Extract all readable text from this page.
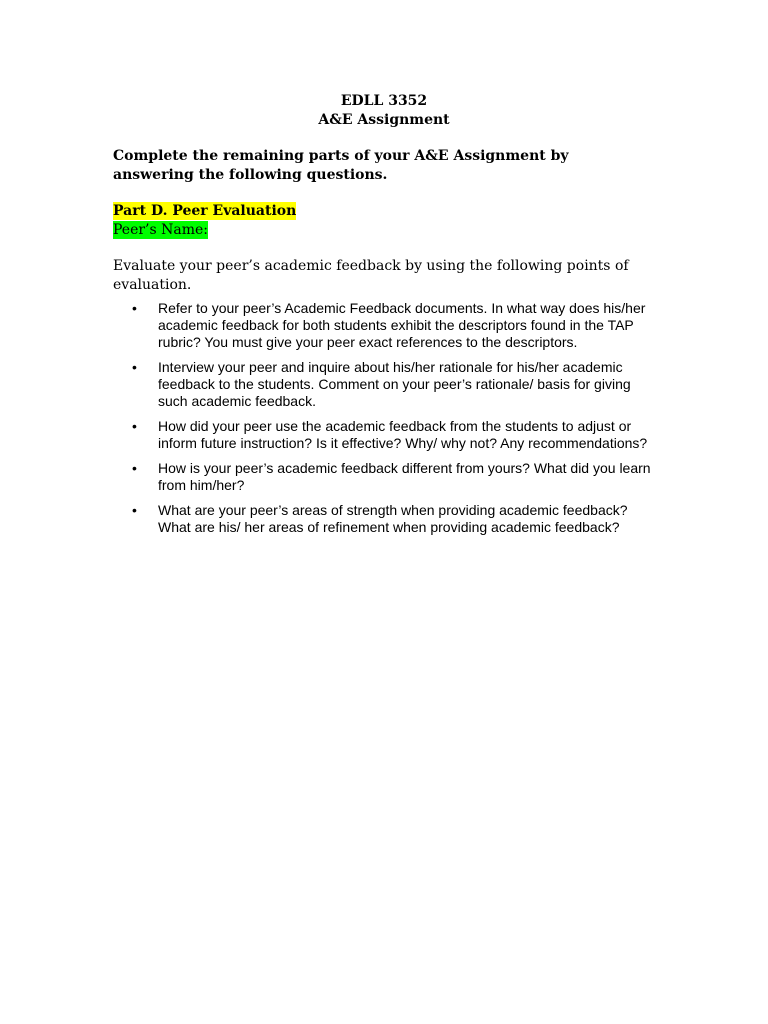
EDLL 3352
A&E Assignment
Complete the remaining parts of your A&E Assignment by answering the following questions.
Part D. Peer Evaluation
Peer’s Name:
Evaluate your peer’s academic feedback by using the following points of evaluation.
• Refer to your peer’s Academic Feedback documents. In what way does his/her academic feedback for both students exhibit the descriptors found in the TAP rubric? You must give your peer exact references to the descriptors.
• Interview your peer and inquire about his/her rationale for his/her academic feedback to the students. Comment on your peer’s rationale/ basis for giving such academic feedback.
• How did your peer use the academic feedback from the students to adjust or inform future instruction? Is it effective? Why/ why not? Any recommendations?
• How is your peer’s academic feedback different from yours? What did you learn from him/her?
• What are your peer’s areas of strength when providing academic feedback? What are his/ her areas of refinement when providing academic feedback?
